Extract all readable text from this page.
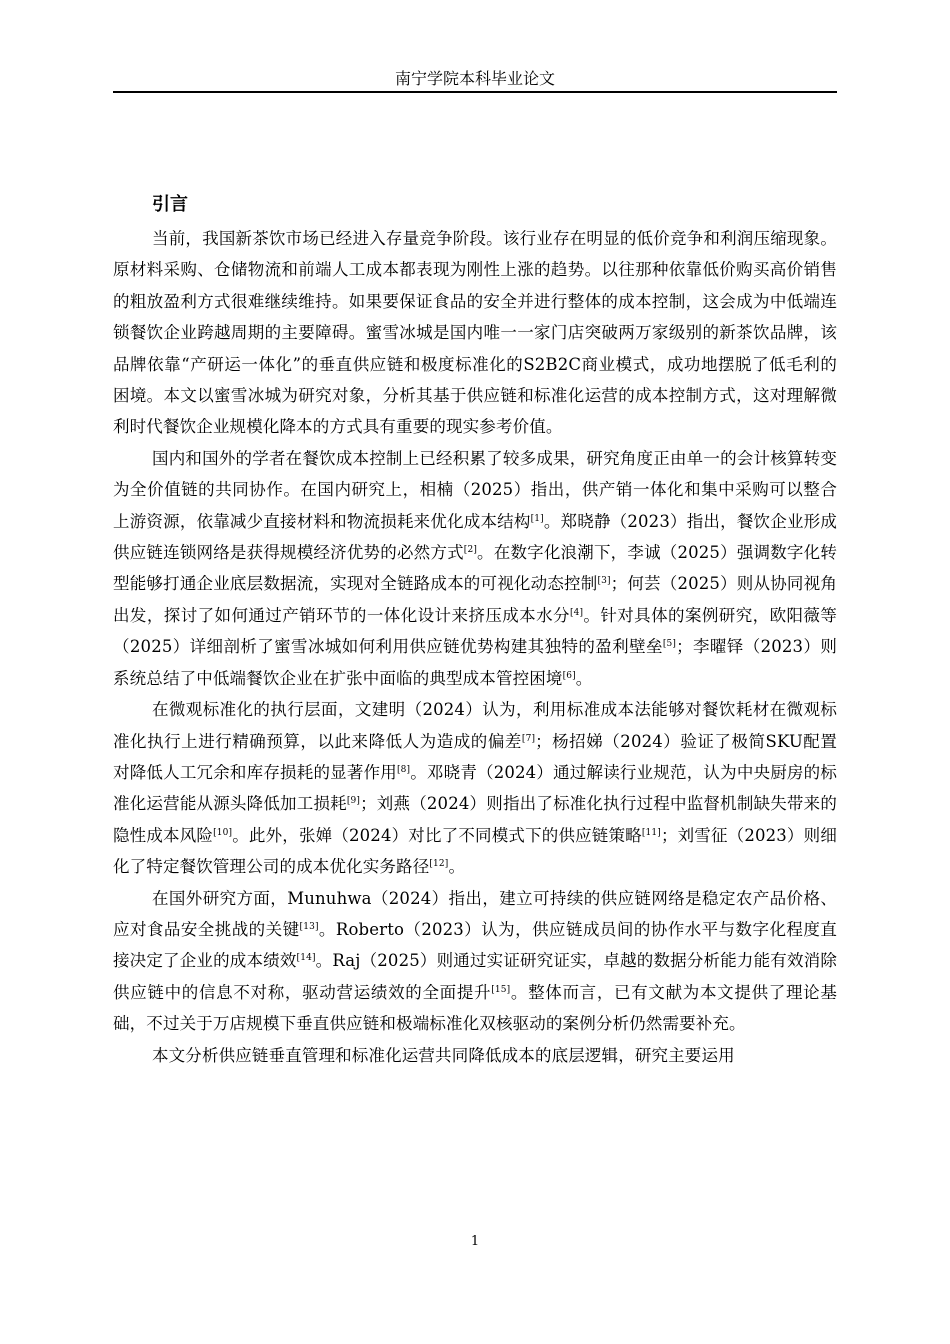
南宁学院本科毕业论文
引言

当前，我国新茶饮市场已经进入存量竞争阶段。该行业存在明显的低价竞争和利润压缩现象。原材料采购、仓储物流和前端人工成本都表现为刚性上涨的趋势。以往那种依靠低价购买高价销售的粗放盈利方式很难继续维持。如果要保证食品的安全并进行整体的成本控制，这会成为中低端连锁餐饮企业跨越周期的主要障碍。蜜雪冰城是国内唯一一家门店突破两万家级别的新茶饮品牌，该品牌依靠“产研运一体化”的垂直供应链和极度标准化的S2B2C商业模式，成功地摆脱了低毛利的困境。本文以蜜雪冰城为研究对象，分析其基于供应链和标准化运营的成本控制方式，这对理解微利时代餐饮企业规模化降本的方式具有重要的现实参考价值。

国内和国外的学者在餐饮成本控制上已经积累了较多成果，研究角度正由单一的会计核算转变为全价值链的共同协作。在国内研究上，相楠（2025）指出，供产销一体化和集中采购可以整合上游资源，依靠减少直接材料和物流损耗来优化成本结构[1]。郑晓静（2023）指出，餐饮企业形成供应链连锁网络是获得规模经济优势的必然方式[2]。在数字化浪潮下，李诚（2025）强调数字化转型能够打通企业底层数据流，实现对全链路成本的可视化动态控制[3]；何芸（2025）则从协同视角出发，探讨了如何通过产销环节的一体化设计来挤压成本水分[4]。针对具体的案例研究，欧阳薇等（2025）详细剖析了蜜雪冰城如何利用供应链优势构建其独特的盈利壁垒[5]；李曜铎（2023）则系统总结了中低端餐饮企业在扩张中面临的典型成本管控困境[6]。

在微观标准化的执行层面，文建明（2024）认为，利用标准成本法能够对餐饮耗材在微观标准化执行上进行精确预算，以此来降低人为造成的偏差[7]；杨招娣（2024）验证了极简SKU配置对降低人工冗余和库存损耗的显著作用[8]。邓晓青（2024）通过解读行业规范，认为中央厨房的标准化运营能从源头降低加工损耗[9]；刘燕（2024）则指出了标准化执行过程中监督机制缺失带来的隐性成本风险[10]。此外，张婵（2024）对比了不同模式下的供应链策略[11]；刘雪征（2023）则细化了特定餐饮管理公司的成本优化实务路径[12]。

在国外研究方面，Munuhwa（2024）指出，建立可持续的供应链网络是稳定农产品价格、应对食品安全挑战的关键[13]。Roberto（2023）认为，供应链成员间的协作水平与数字化程度直接决定了企业的成本绩效[14]。Raj（2025）则通过实证研究证实，卓越的数据分析能力能有效消除供应链中的信息不对称，驱动营运绩效的全面提升[15]。整体而言，已有文献为本文提供了理论基础，不过关于万店规模下垂直供应链和极端标准化双核驱动的案例分析仍然需要补充。

本文分析供应链垂直管理和标准化运营共同降低成本的底层逻辑，研究主要运用

1
